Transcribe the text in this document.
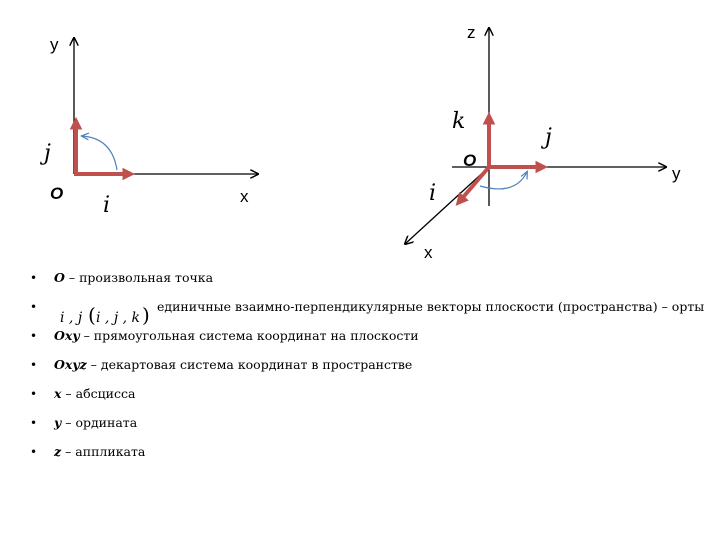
y
x
j
i
O
z
y
x
k
j
i
O
i , j ( i , j , k )
• O – произвольная точка
•	единичные взаимно-перпендикулярные векторы плоскости (пространства) – орты
• Oxy – прямоугольная система координат на плоскости
• Oxyz – декартовая система координат в пространстве
• x – абсцисса
• y – ордината
• z – аппликата
